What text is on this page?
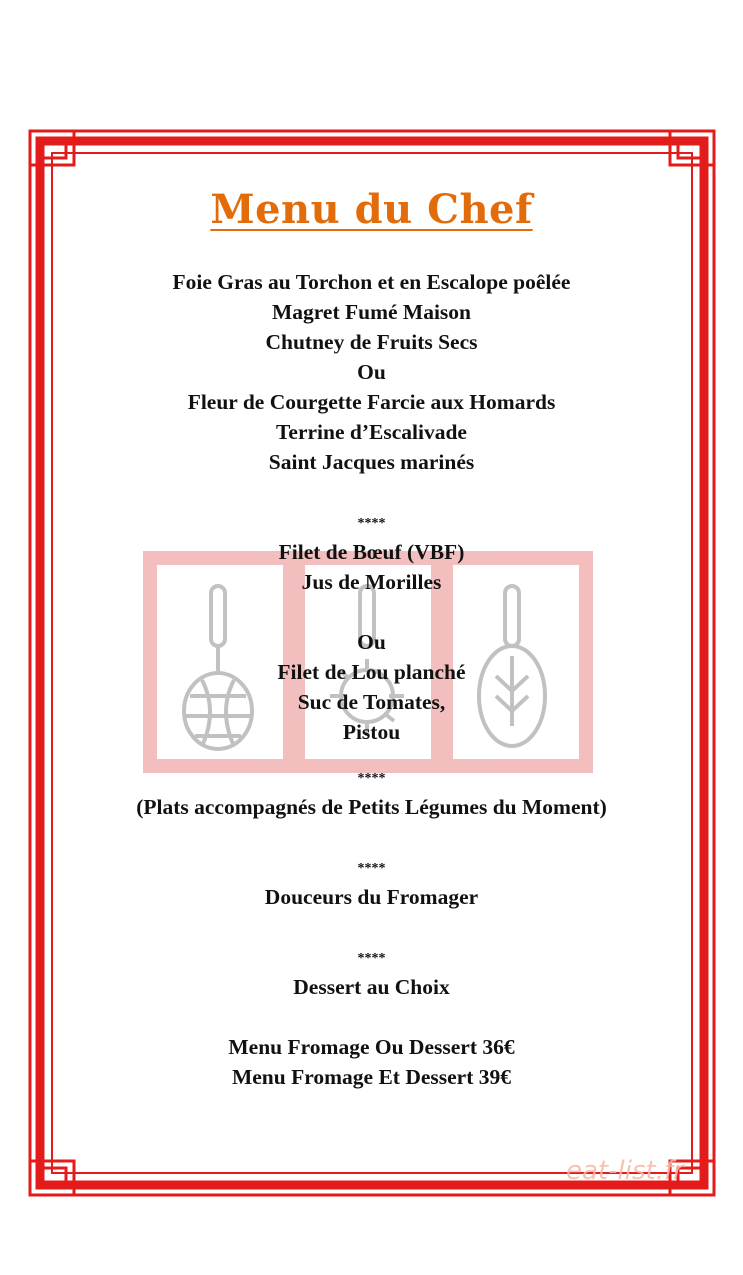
Menu du Chef
Foie Gras au Torchon et en Escalope poêlée
Magret Fumé Maison
Chutney de Fruits Secs
Ou
Fleur de Courgette Farcie aux Homards
Terrine d’Escalivade
Saint Jacques marinés
****
Filet de Bœuf (VBF)
Jus de Morilles
Ou
Filet de Lou planché
Suc de Tomates,
Pistou
****
(Plats accompagnés de Petits Légumes du Moment)
****
Douceurs du Fromager
****
Dessert au Choix
Menu Fromage Ou Dessert 36€
Menu Fromage Et Dessert 39€
eat-list.fr
